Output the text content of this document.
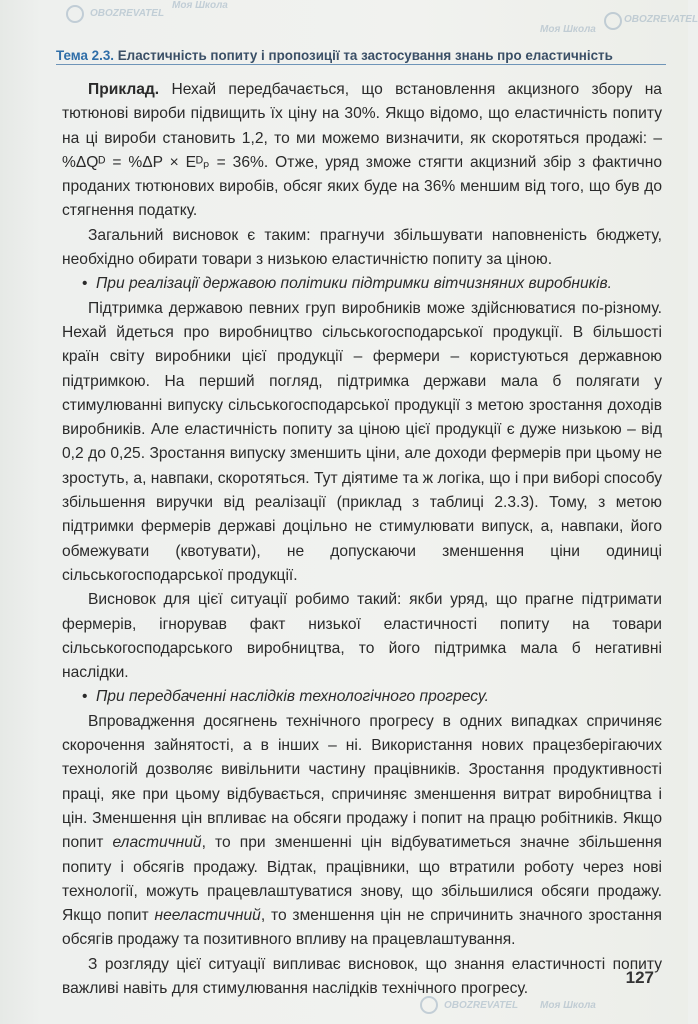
Моя Школа
OBOZREVATEL
Моя Школа
OBOZREVATEL
Моя Школа
OBOZREVATEL
Тема 2.3. Еластичність попиту і пропозиції та застосування знань про еластичність

Приклад. Нехай передбачається, що встановлення акцизного збору на тютюнові вироби підвищить їх ціну на 30%. Якщо відомо, що еластичність попиту на ці вироби становить 1,2, то ми можемо визначити, як скоротяться продажі: –%ΔQᴰ = %ΔP × Eᴰₚ = 36%. Отже, уряд зможе стягти акцизний збір з фактично проданих тютюнових виробів, обсяг яких буде на 36% меншим від того, що був до стягнення податку.

Загальний висновок є таким: прагнучи збільшувати наповненість бюджету, необхідно обирати товари з низькою еластичністю попиту за ціною.

• При реалізації державою політики підтримки вітчизняних виробників.

Підтримка державою певних груп виробників може здійснюватися по-різному. Нехай йдеться про виробництво сільськогосподарської продукції. В більшості країн світу виробники цієї продукції – фермери – користуються державною підтримкою. На перший погляд, підтримка держави мала б полягати у стимулюванні випуску сільськогосподарської продукції з метою зростання доходів виробників. Але еластичність попиту за ціною цієї продукції є дуже низькою – від 0,2 до 0,25. Зростання випуску зменшить ціни, але доходи фермерів при цьому не зростуть, а, навпаки, скоротяться. Тут діятиме та ж логіка, що і при виборі способу збільшення виручки від реалізації (приклад з таблиці 2.3.3). Тому, з метою підтримки фермерів державі доцільно не стимулювати випуск, а, навпаки, його обмежувати (квотувати), не допускаючи зменшення ціни одиниці сільськогосподарської продукції.

Висновок для цієї ситуації робимо такий: якби уряд, що прагне підтримати фермерів, ігнорував факт низької еластичності попиту на товари сільськогосподарського виробництва, то його підтримка мала б негативні наслідки.

• При передбаченні наслідків технологічного прогресу.

Впровадження досягнень технічного прогресу в одних випадках спричиняє скорочення зайнятості, а в інших – ні. Використання нових працезберігаючих технологій дозволяє вивільнити частину працівників. Зростання продуктивності праці, яке при цьому відбувається, спричиняє зменшення витрат виробництва і цін. Зменшення цін впливає на обсяги продажу і попит на працю робітників. Якщо попит еластичний, то при зменшенні цін відбуватиметься значне збільшення попиту і обсягів продажу. Відтак, працівники, що втратили роботу через нові технології, можуть працевлаштуватися знову, що збільшилися обсяги продажу. Якщо попит нееластичний, то зменшення цін не спричинить значного зростання обсягів продажу та позитивного впливу на працевлаштування.

З розгляду цієї ситуації випливає висновок, що знання еластичності попиту важливі навіть для стимулювання наслідків технічного прогресу.

127
